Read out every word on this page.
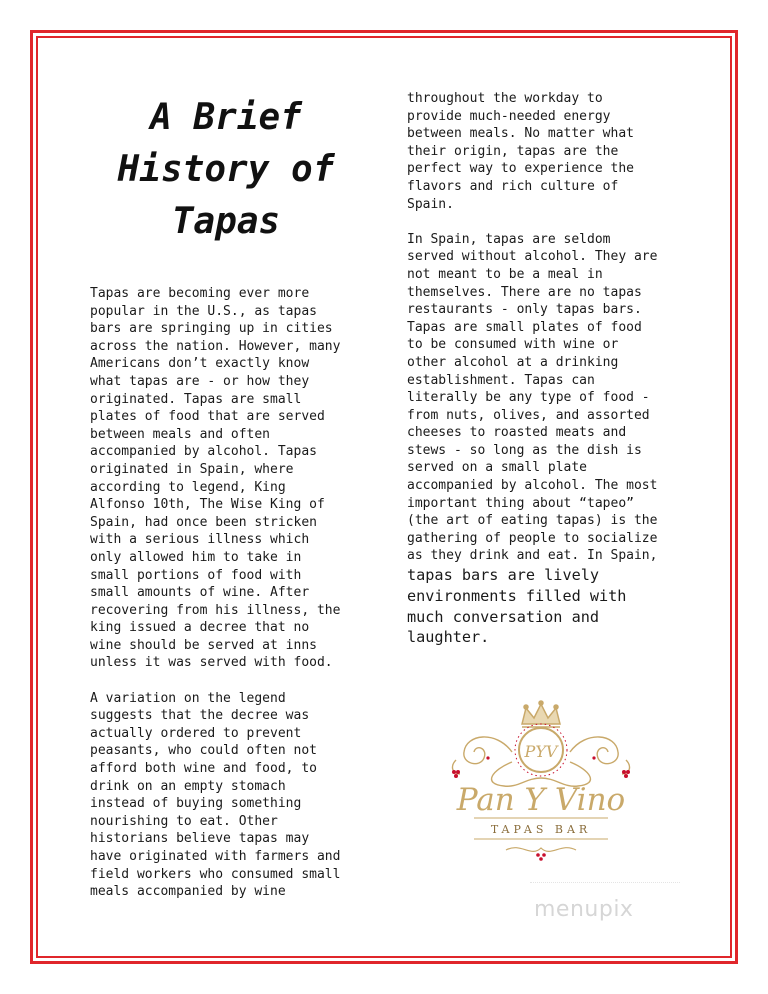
A Brief History of Tapas

Tapas are becoming ever more
popular in the U.S., as tapas
bars are springing up in cities
across the nation. However, many
Americans don’t exactly know
what tapas are - or how they
originated. Tapas are small
plates of food that are served
between meals and often
accompanied by alcohol. Tapas
originated in Spain, where
according to legend, King
Alfonso 10th, The Wise King of
Spain, had once been stricken
with a serious illness which
only allowed him to take in
small portions of food with
small amounts of wine. After
recovering from his illness, the
king issued a decree that no
wine should be served at inns
unless it was served with food.

A variation on the legend
suggests that the decree was
actually ordered to prevent
peasants, who could often not
afford both wine and food, to
drink on an empty stomach
instead of buying something
nourishing to eat. Other
historians believe tapas may
have originated with farmers and
field workers who consumed small
meals accompanied by wine

throughout the workday to
provide much-needed energy
between meals. No matter what
their origin, tapas are the
perfect way to experience the
flavors and rich culture of
Spain.

In Spain, tapas are seldom
served without alcohol. They are
not meant to be a meal in
themselves. There are no tapas
restaurants - only tapas bars.
Tapas are small plates of food
to be consumed with wine or
other alcohol at a drinking
establishment. Tapas can
literally be any type of food -
from nuts, olives, and assorted
cheeses to roasted meats and
stews - so long as the dish is
served on a small plate
accompanied by alcohol. The most
important thing about “tapeo”
(the art of eating tapas) is the
gathering of people to socialize
as they drink and eat. In Spain,
tapas bars are lively
environments filled with
much conversation and
laughter.

PYV
Pan Y Vino
TAPAS BAR
menupix
